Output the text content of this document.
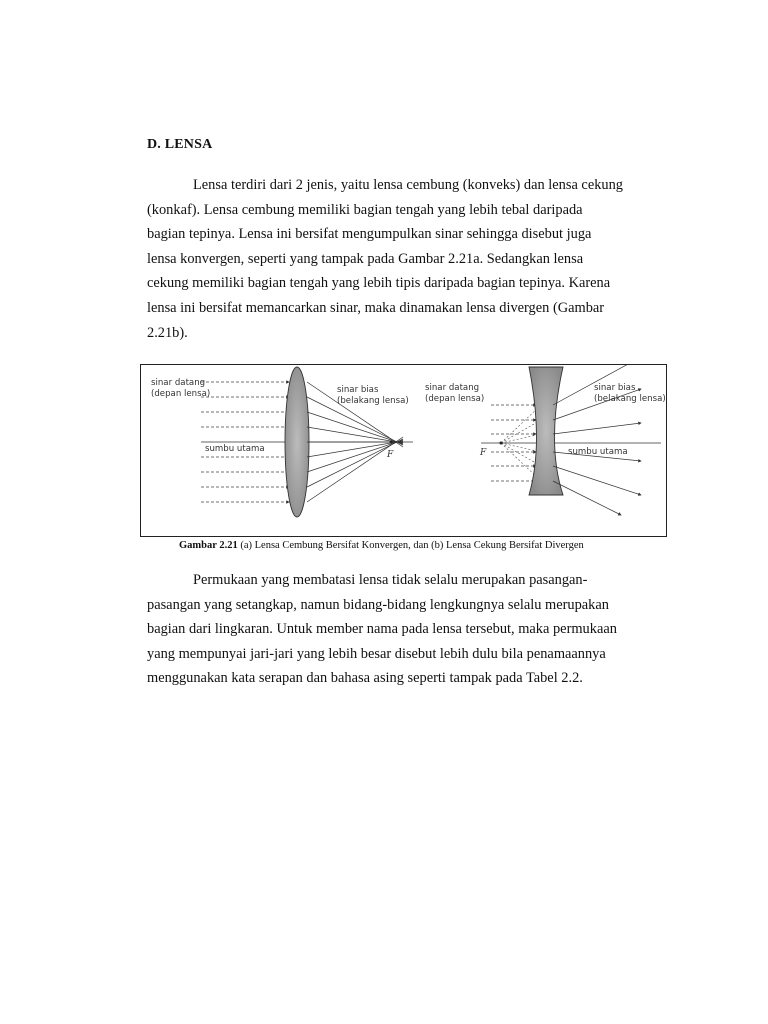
D. LENSA

Lensa terdiri dari 2 jenis, yaitu lensa cembung (konveks) dan lensa cekung
(konkaf). Lensa cembung memiliki bagian tengah yang lebih tebal daripada
bagian tepinya. Lensa ini bersifat mengumpulkan sinar sehingga disebut juga
lensa konvergen, seperti yang tampak pada Gambar 2.21a. Sedangkan lensa
cekung memiliki bagian tengah yang lebih tipis daripada bagian tepinya. Karena
lensa ini bersifat memancarkan sinar, maka dinamakan lensa divergen (Gambar
2.21b).

sinar datang
(depan lensa)	sinar bias
(belakang lensa)
sumbu utama
F
sinar datang
(depan lensa)
sinar bias
(belakang lensa)
sumbu utama
F
Gambar 2.21 (a) Lensa Cembung Bersifat Konvergen, dan (b) Lensa Cekung Bersifat Divergen

Permukaan yang membatasi lensa tidak selalu merupakan pasangan-
pasangan yang setangkap, namun bidang-bidang lengkungnya selalu merupakan
bagian dari lingkaran. Untuk member nama pada lensa tersebut, maka permukaan
yang mempunyai jari-jari yang lebih besar disebut lebih dulu bila penamaannya
menggunakan kata serapan dan bahasa asing seperti tampak pada Tabel 2.2.
